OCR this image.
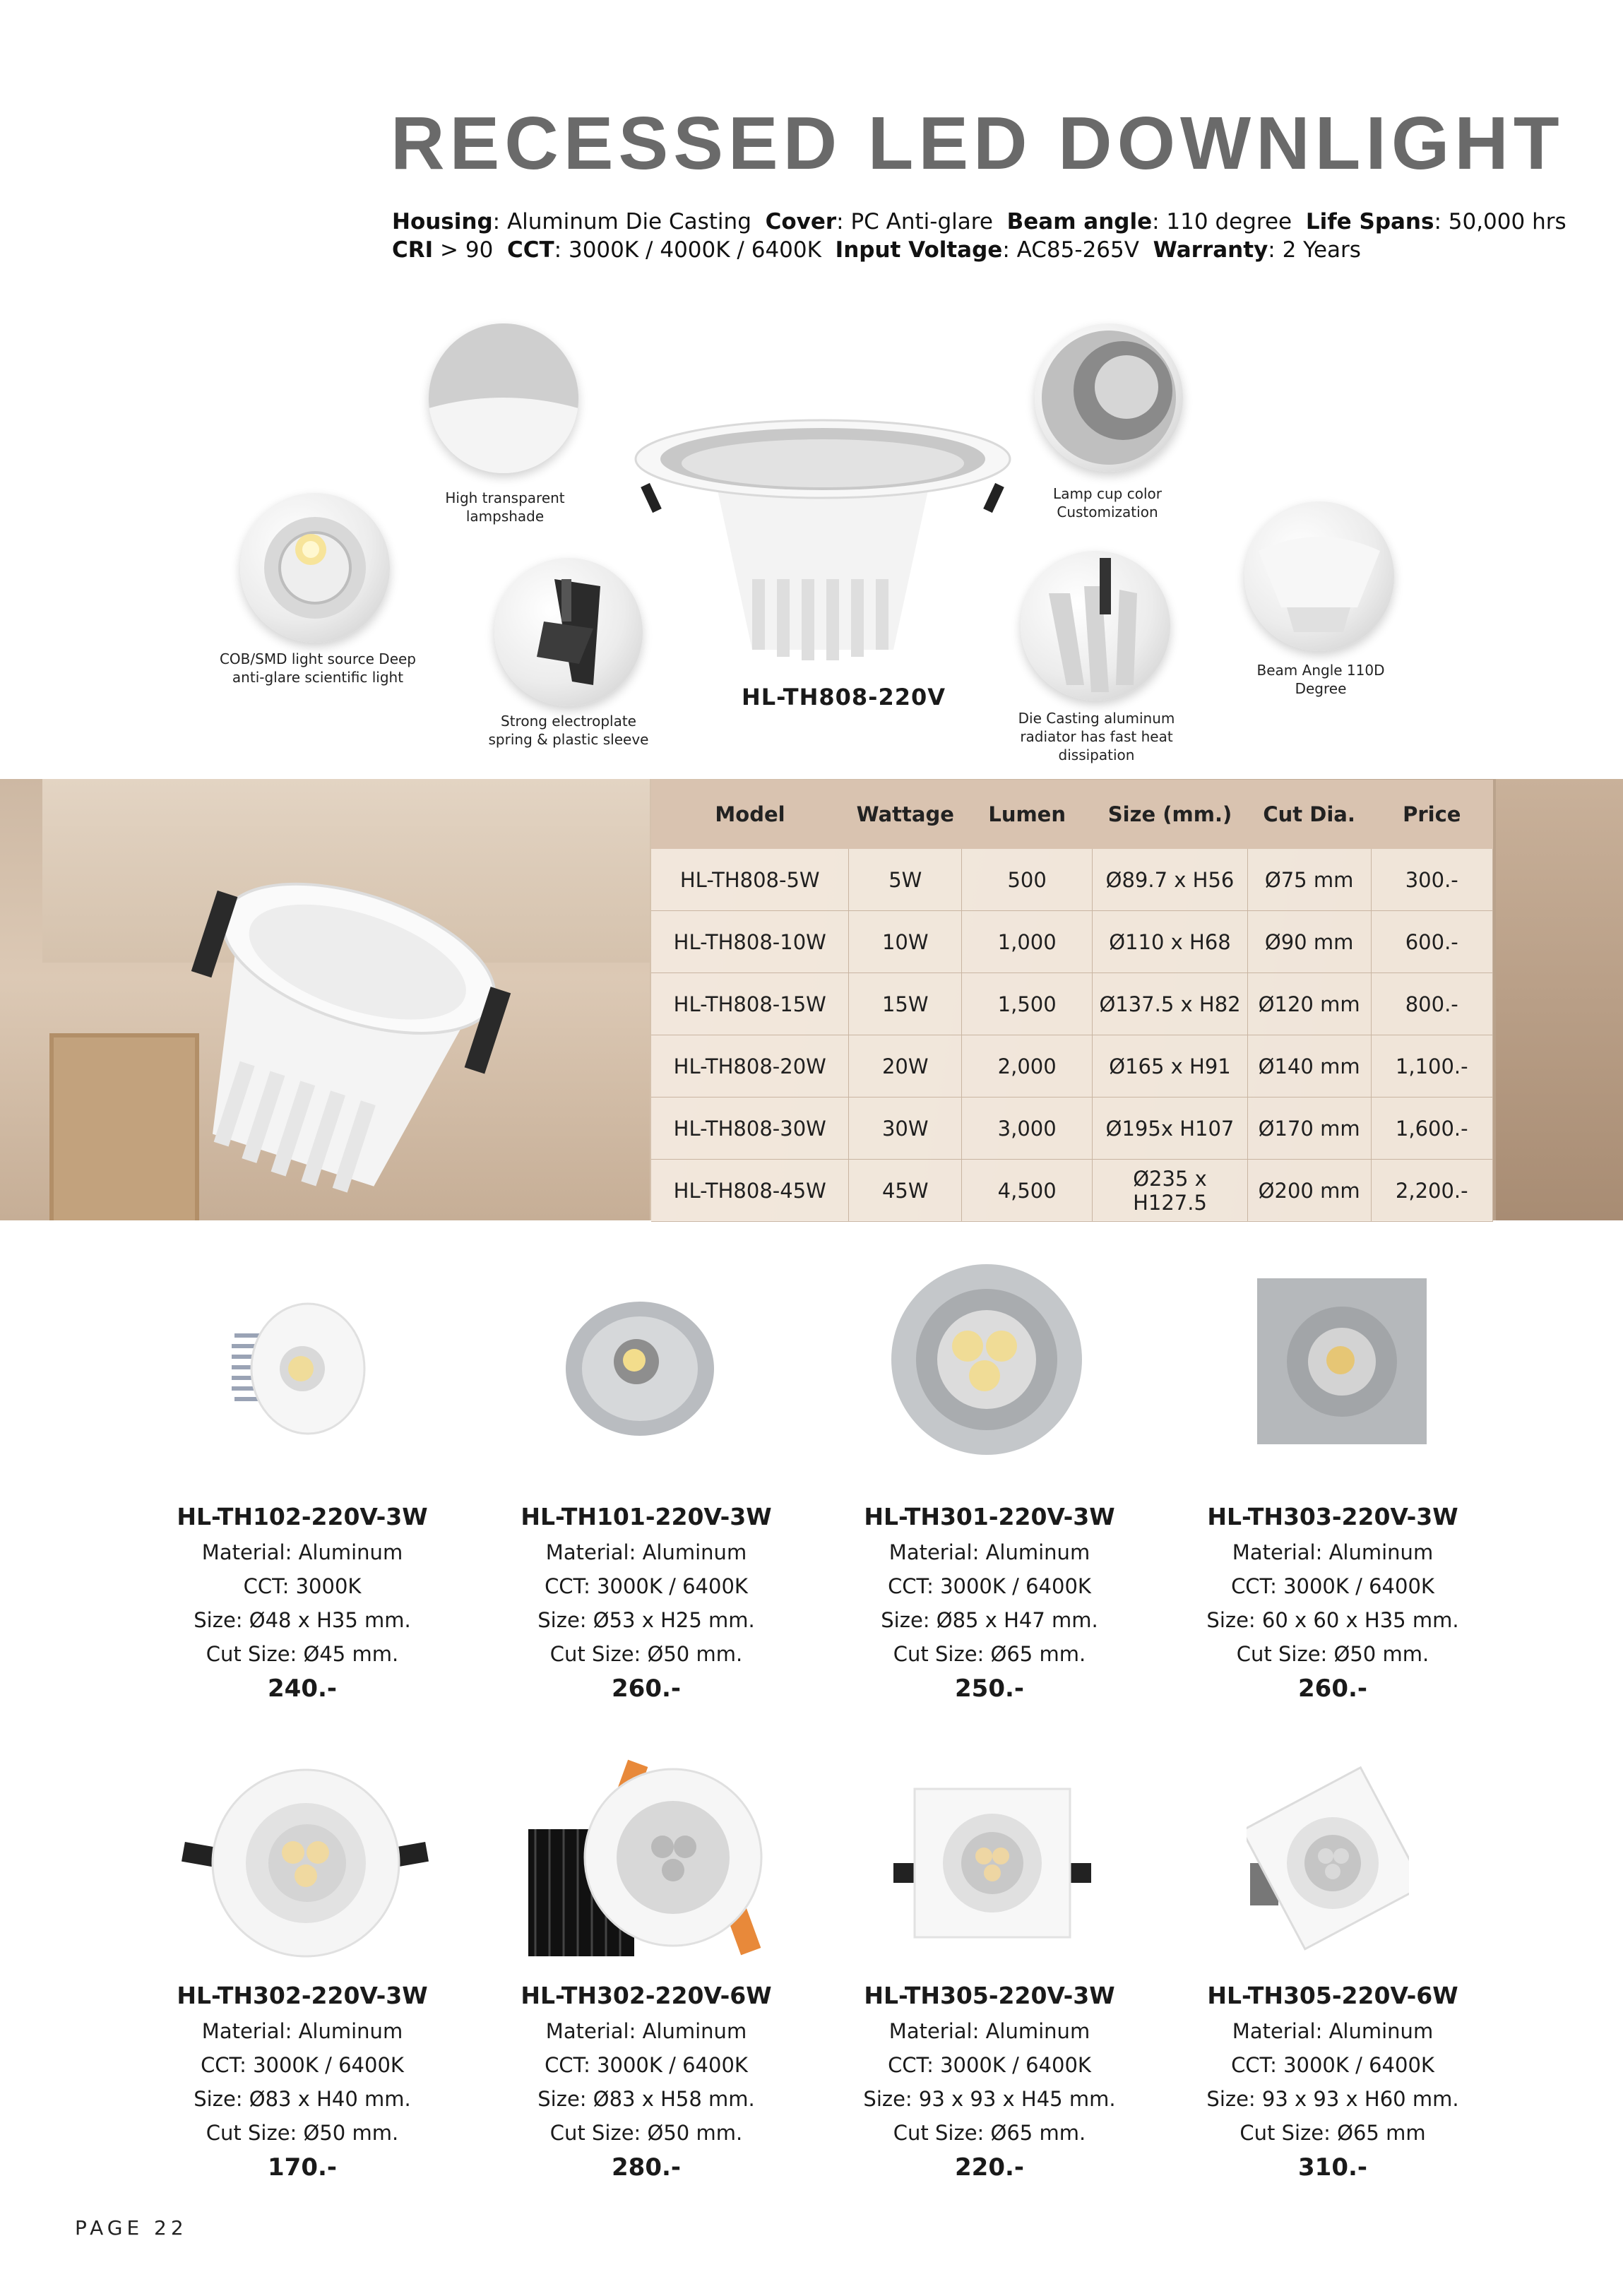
RECESSED LED DOWNLIGHT
Housing: Aluminum Die Casting Cover: PC Anti-glare Beam angle: 110 degree Life Spans: 50,000 hrs
CRI > 90 CCT: 3000K / 4000K / 6400K Input Voltage: AC85-265V Warranty: 2 Years
High transparent lampshade
COB/SMD light source Deep anti-glare scientific light
Strong electroplate spring & plastic sleeve
HL-TH808-220V
Lamp cup color Customization
Die Casting aluminum radiator has fast heat dissipation
Beam Angle 110D Degree
Model	Wattage	Lumen	Size (mm.)	Cut Dia.	Price
HL-TH808-5W	5W	500	Ø89.7 x H56	Ø75 mm	300.-
HL-TH808-10W	10W	1,000	Ø110 x H68	Ø90 mm	600.-
HL-TH808-15W	15W	1,500	Ø137.5 x H82	Ø120 mm	800.-
HL-TH808-20W	20W	2,000	Ø165 x H91	Ø140 mm	1,100.-
HL-TH808-30W	30W	3,000	Ø195x H107	Ø170 mm	1,600.-
HL-TH808-45W	45W	4,500	Ø235 x H127.5	Ø200 mm	2,200.-
HL-TH102-220V-3W
Material: Aluminum
CCT: 3000K
Size: Ø48 x H35 mm.
Cut Size: Ø45 mm.
240.-
HL-TH101-220V-3W
Material: Aluminum
CCT: 3000K / 6400K
Size: Ø53 x H25 mm.
Cut Size: Ø50 mm.
260.-
HL-TH301-220V-3W
Material: Aluminum
CCT: 3000K / 6400K
Size: Ø85 x H47 mm.
Cut Size: Ø65 mm.
250.-
HL-TH303-220V-3W
Material: Aluminum
CCT: 3000K / 6400K
Size: 60 x 60 x H35 mm.
Cut Size: Ø50 mm.
260.-
HL-TH302-220V-3W
Material: Aluminum
CCT: 3000K / 6400K
Size: Ø83 x H40 mm.
Cut Size: Ø50 mm.
170.-
HL-TH302-220V-6W
Material: Aluminum
CCT: 3000K / 6400K
Size: Ø83 x H58 mm.
Cut Size: Ø50 mm.
280.-
HL-TH305-220V-3W
Material: Aluminum
CCT: 3000K / 6400K
Size: 93 x 93 x H45 mm.
Cut Size: Ø65 mm.
220.-
HL-TH305-220V-6W
Material: Aluminum
CCT: 3000K / 6400K
Size: 93 x 93 x H60 mm.
Cut Size: Ø65 mm
310.-
PAGE 22
